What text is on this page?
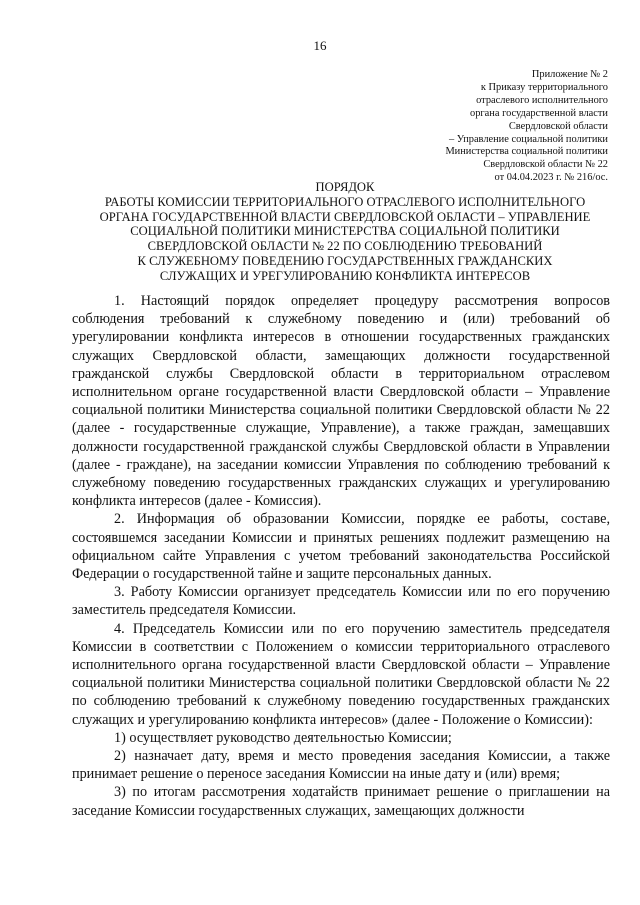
16
Приложение № 2
к Приказу территориального
отраслевого исполнительного
органа государственной власти
Свердловской области
– Управление социальной политики
Министерства социальной политики
Свердловской области № 22
от 04.04.2023 г. № 216/ос.
ПОРЯДОК
РАБОТЫ КОМИССИИ ТЕРРИТОРИАЛЬНОГО ОТРАСЛЕВОГО ИСПОЛНИТЕЛЬНОГО
ОРГАНА ГОСУДАРСТВЕННОЙ ВЛАСТИ СВЕРДЛОВСКОЙ ОБЛАСТИ – УПРАВЛЕНИЕ
СОЦИАЛЬНОЙ ПОЛИТИКИ МИНИСТЕРСТВА СОЦИАЛЬНОЙ ПОЛИТИКИ
СВЕРДЛОВСКОЙ ОБЛАСТИ № 22 ПО СОБЛЮДЕНИЮ ТРЕБОВАНИЙ
К СЛУЖЕБНОМУ ПОВЕДЕНИЮ ГОСУДАРСТВЕННЫХ ГРАЖДАНСКИХ
СЛУЖАЩИХ И УРЕГУЛИРОВАНИЮ КОНФЛИКТА ИНТЕРЕСОВ

1. Настоящий порядок определяет процедуру рассмотрения вопросов соблюдения требований к служебному поведению и (или) требований об урегулировании конфликта интересов в отношении государственных гражданских служащих Свердловской области, замещающих должности государственной гражданской службы Свердловской области в территориальном отраслевом исполнительном органе государственной власти Свердловской области – Управление социальной политики Министерства социальной политики Свердловской области № 22 (далее - государственные служащие, Управление), а также граждан, замещавших должности государственной гражданской службы Свердловской области в Управлении (далее - граждане), на заседании комиссии Управления по соблюдению требований к служебному поведению государственных гражданских служащих и урегулированию конфликта интересов (далее - Комиссия).

2. Информация об образовании Комиссии, порядке ее работы, составе, состоявшемся заседании Комиссии и принятых решениях подлежит размещению на официальном сайте Управления с учетом требований законодательства Российской Федерации о государственной тайне и защите персональных данных.

3. Работу Комиссии организует председатель Комиссии или по его поручению заместитель председателя Комиссии.

4. Председатель Комиссии или по его поручению заместитель председателя Комиссии в соответствии с Положением о комиссии территориального отраслевого исполнительного органа государственной власти Свердловской области – Управление социальной политики Министерства социальной политики Свердловской области № 22 по соблюдению требований к служебному поведению государственных гражданских служащих и урегулированию конфликта интересов» (далее - Положение о Комиссии):

1) осуществляет руководство деятельностью Комиссии;

2) назначает дату, время и место проведения заседания Комиссии, а также принимает решение о переносе заседания Комиссии на иные дату и (или) время;

3) по итогам рассмотрения ходатайств принимает решение о приглашении на заседание Комиссии государственных служащих, замещающих должности
